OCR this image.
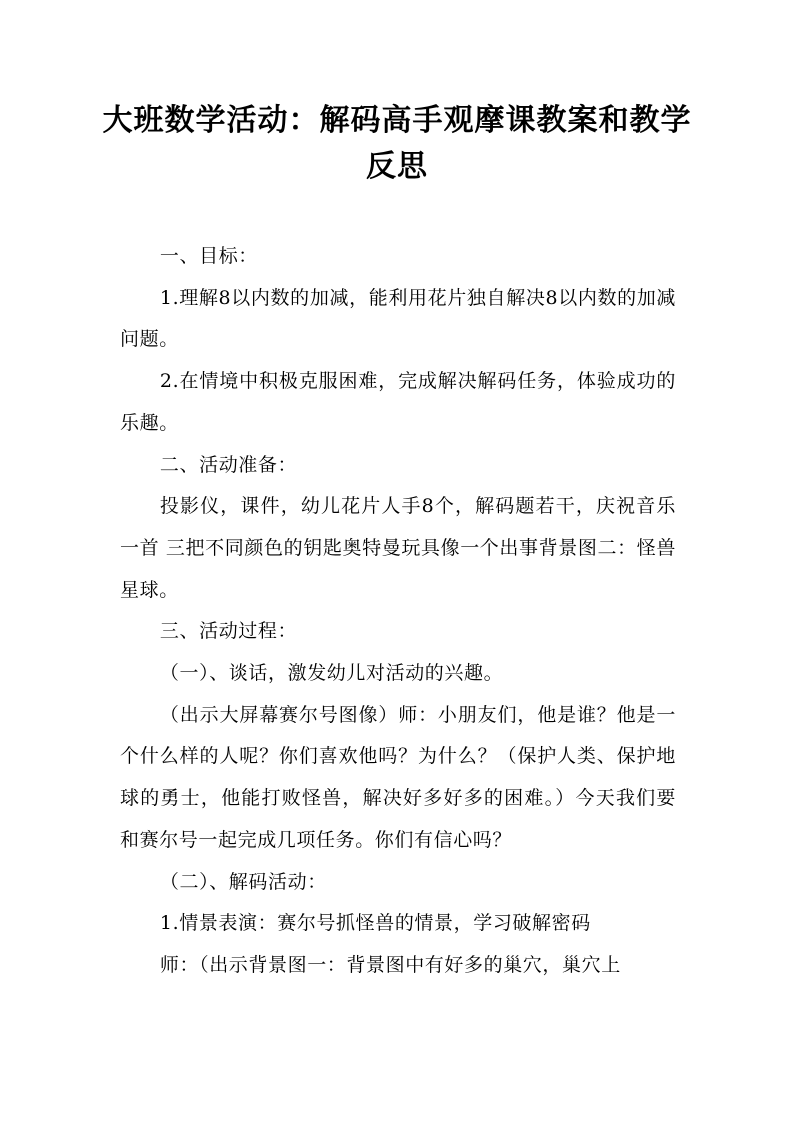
大班数学活动：解码高手观摩课教案和教学反思

一、目标：

1.理解8以内数的加减，能利用花片独自解决8以内数的加减问题。

2.在情境中积极克服困难，完成解决解码任务，体验成功的乐趣。

二、活动准备：

投影仪，课件，幼儿花片人手8个，解码题若干，庆祝音乐一首 三把不同颜色的钥匙奥特曼玩具像一个出事背景图二：怪兽星球。

三、活动过程：

（一）、谈话，激发幼儿对活动的兴趣。

（出示大屏幕赛尔号图像）师：小朋友们，他是谁？他是一个什么样的人呢？你们喜欢他吗？为什么？（保护人类、保护地球的勇士，他能打败怪兽，解决好多好多的困难。）今天我们要和赛尔号一起完成几项任务。你们有信心吗？

（二）、解码活动：

1.情景表演：赛尔号抓怪兽的情景，学习破解密码

师：（出示背景图一：背景图中有好多的巢穴，巢穴上
